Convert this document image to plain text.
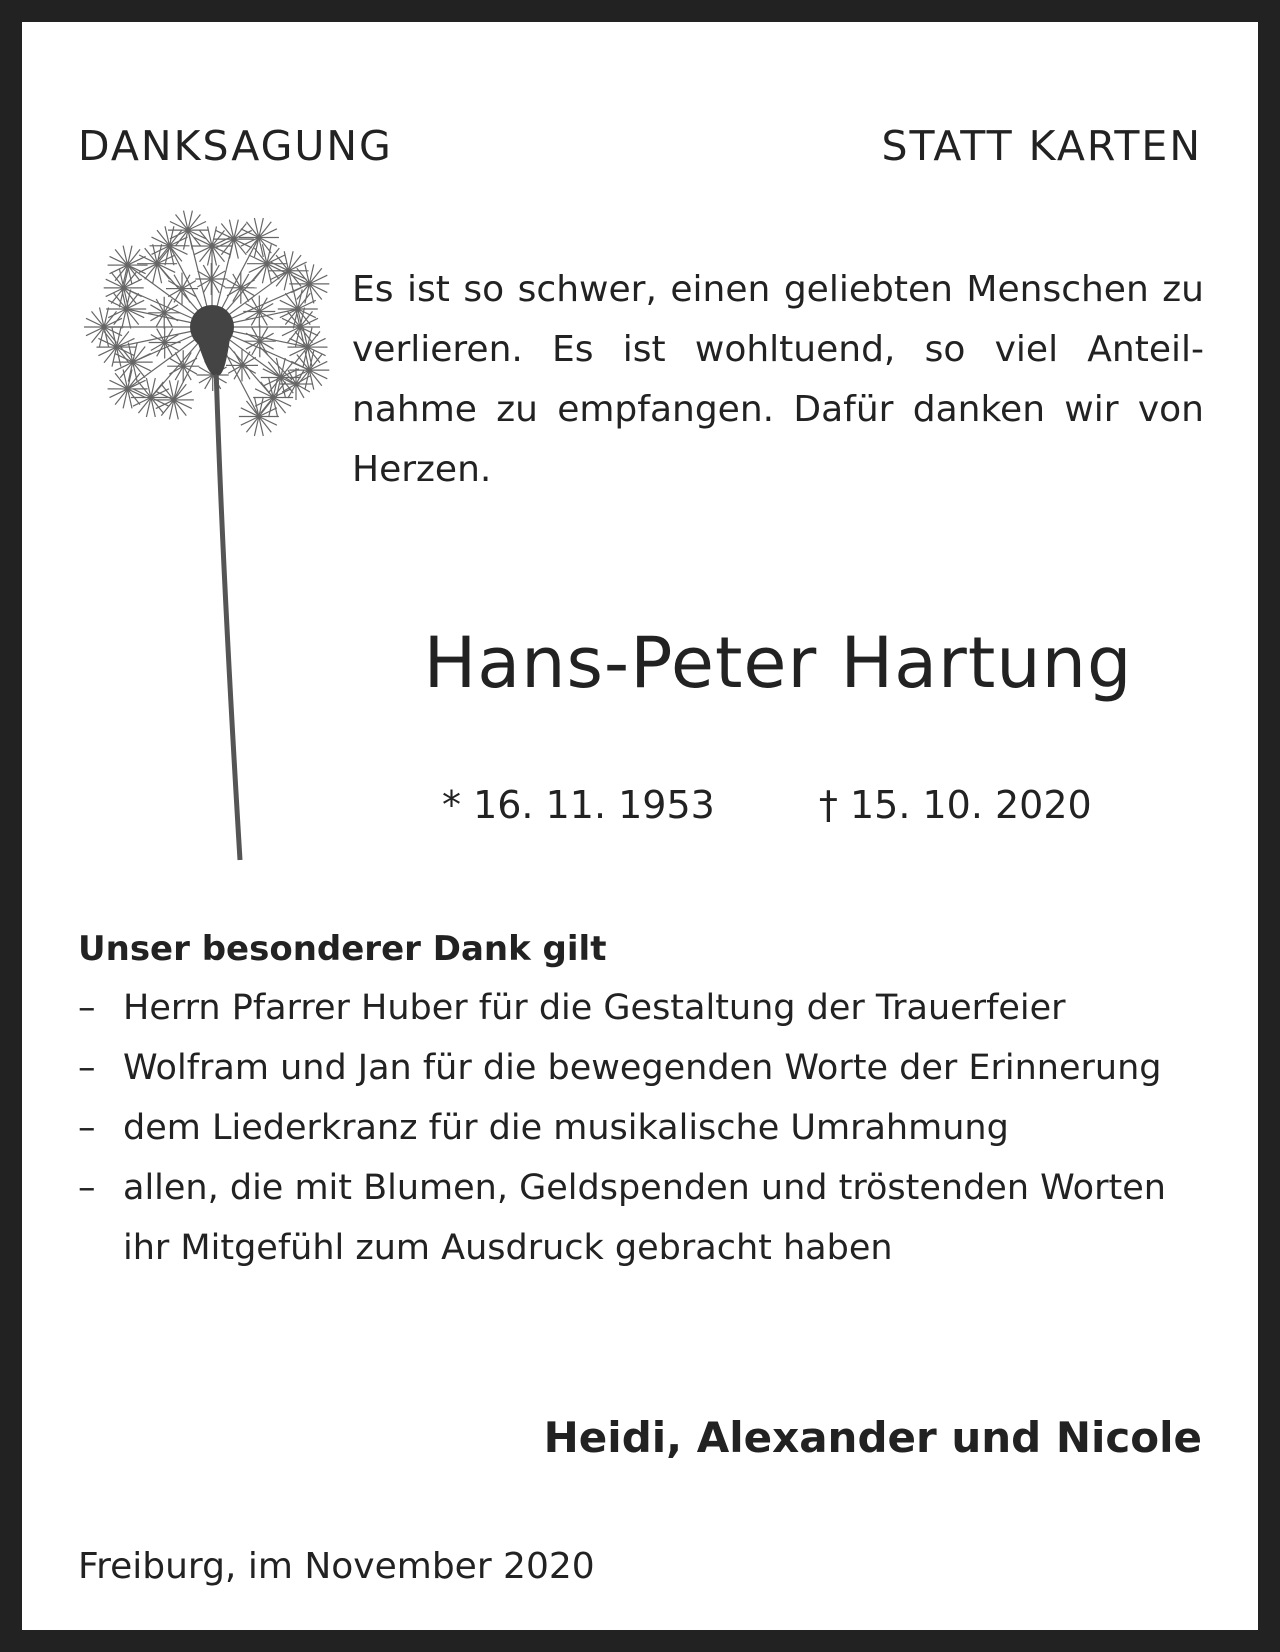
DANKSAGUNG	STATT KARTEN
Es ist so schwer, einen geliebten Menschen zu verlieren. Es ist wohltuend, so viel Anteil-nahme zu empfangen. Dafür danken wir von Herzen.
Hans-Peter Hartung
* 16. 11. 1953	† 15. 10. 2020
Unser besonderer Dank gilt
– Herrn Pfarrer Huber für die Gestaltung der Trauerfeier
– Wolfram und Jan für die bewegenden Worte der Erinnerung
– dem Liederkranz für die musikalische Umrahmung
– allen, die mit Blumen, Geldspenden und tröstenden Worten ihr Mitgefühl zum Ausdruck gebracht haben
Heidi, Alexander und Nicole
Freiburg, im November 2020
